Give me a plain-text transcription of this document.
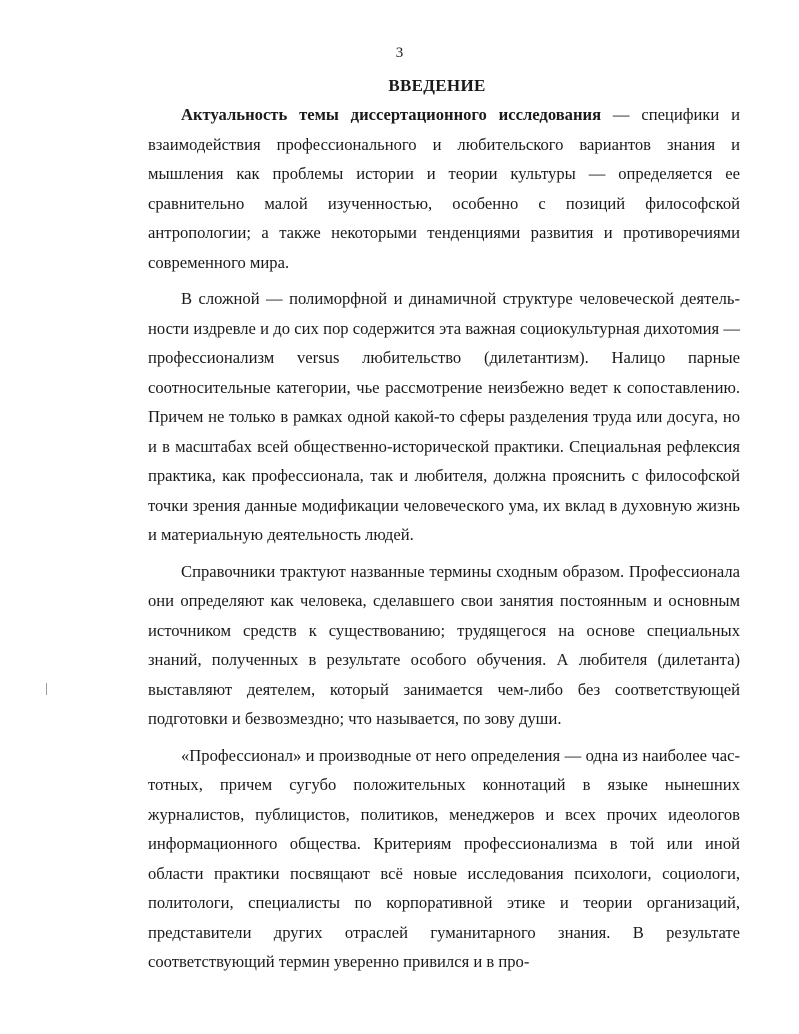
3
ВВЕДЕНИЕ

Актуальность темы диссертационного исследования — специфики и взаимодействия профессионального и любительского вариантов знания и мышления как проблемы истории и теории культуры — определяется ее сравнительно малой изученностью, особенно с позиций философской антропологии; а также некоторыми тенденциями развития и противоречиями современного мира.

В сложной — полиморфной и динамичной структуре человеческой деятельности издревле и до сих пор содержится эта важная социокультурная дихотомия — профессионализм versus любительство (дилетантизм). Налицо парные соотносительные категории, чье рассмотрение неизбежно ведет к сопоставлению. Причем не только в рамках одной какой-то сферы разделения труда или досуга, но и в масштабах всей общественно-исторической практики. Специальная рефлексия практика, как профессионала, так и любителя, должна прояснить с философской точки зрения данные модификации человеческого ума, их вклад в духовную жизнь и материальную деятельность людей.

Справочники трактуют названные термины сходным образом. Профессионала они определяют как человека, сделавшего свои занятия постоянным и основным источником средств к существованию; трудящегося на основе специальных знаний, полученных в результате особого обучения. А любителя (дилетанта) выставляют деятелем, который занимается чем-либо без соответствующей подготовки и безвозмездно; что называется, по зову души.

«Профессионал» и производные от него определения — одна из наиболее частотных, причем сугубо положительных коннотаций в языке нынешних журналистов, публицистов, политиков, менеджеров и всех прочих идеологов информационного общества. Критериям профессионализма в той или иной области практики посвящают всё новые исследования психологи, социологи, политологи, специалисты по корпоративной этике и теории организаций, представители других отраслей гуманитарного знания. В результате соответствующий термин уверенно привился и в про-
